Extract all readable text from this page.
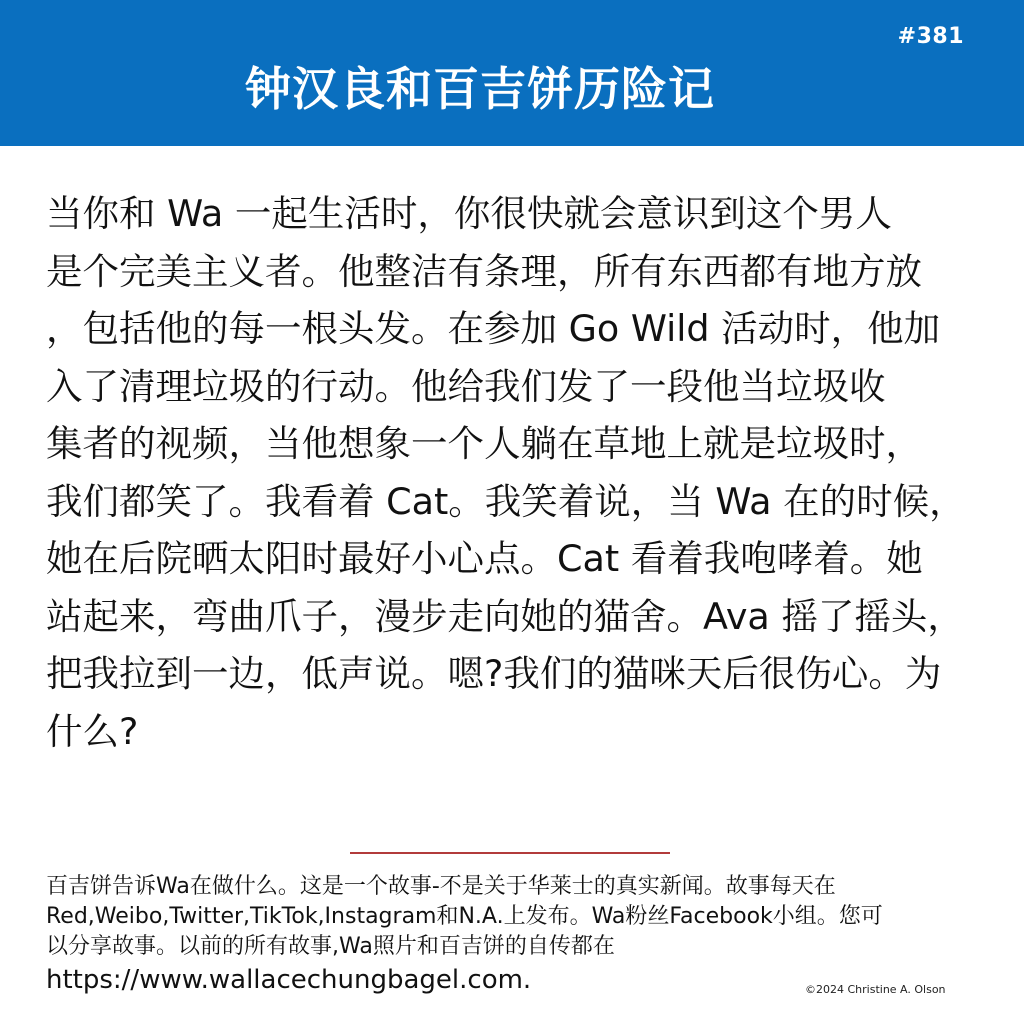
#381
钟汉良和百吉饼历险记
当你和 Wa 一起生活时，你很快就会意识到这个男人
是个完美主义者。他整洁有条理，所有东西都有地方放
，包括他的每一根头发。在参加 Go Wild 活动时，他加
入了清理垃圾的行动。他给我们发了一段他当垃圾收
集者的视频，当他想象一个人躺在草地上就是垃圾时，
我们都笑了。我看着 Cat。我笑着说，当 Wa 在的时候，
她在后院晒太阳时最好小心点。Cat 看着我咆哮着。她
站起来，弯曲爪子，漫步走向她的猫舍。Ava 摇了摇头，
把我拉到一边，低声说。嗯?我们的猫咪天后很伤心。为
什么?
百吉饼告诉Wa在做什么。这是一个故事-不是关于华莱士的真实新闻。故事每天在
Red,Weibo,Twitter,TikTok,Instagram和N.A.上发布。Wa粉丝Facebook小组。您可
以分享故事。以前的所有故事,Wa照片和百吉饼的自传都在
https://www.wallacechungbagel.com.	©2024 Christine A. Olson
